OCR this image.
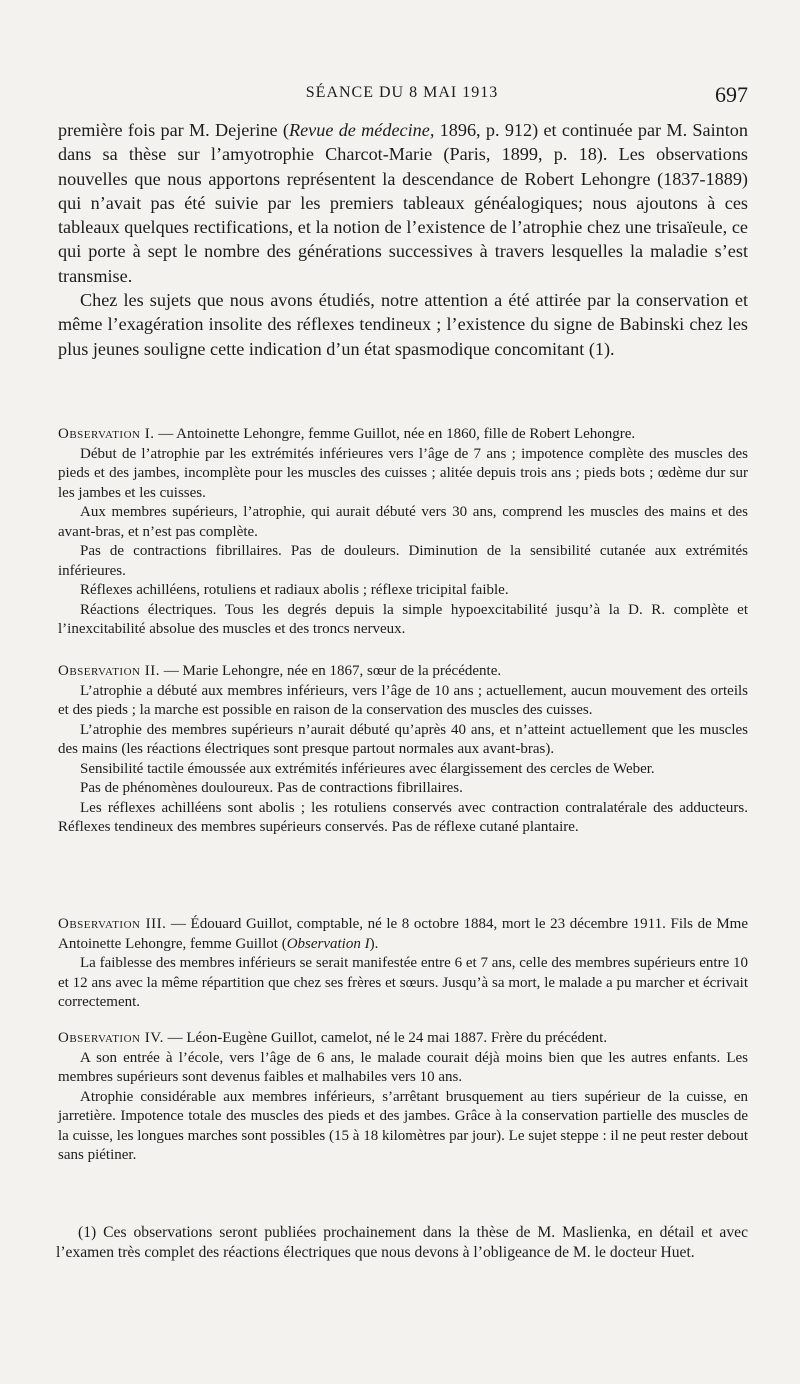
SÉANCE DU 8 MAI 1913	697

première fois par M. Dejerine (Revue de médecine, 1896, p. 912) et continuée par M. Sainton dans sa thèse sur l’amyotrophie Charcot-Marie (Paris, 1899, p. 18). Les observations nouvelles que nous apportons représentent la descendance de Robert Lehongre (1837-1889) qui n’avait pas été suivie par les premiers tableaux généalogiques; nous ajoutons à ces tableaux quelques rectifications, et la notion de l’existence de l’atrophie chez une trisaïeule, ce qui porte à sept le nombre des générations successives à travers lesquelles la maladie s’est transmise.

Chez les sujets que nous avons étudiés, notre attention a été attirée par la conservation et même l’exagération insolite des réflexes tendineux ; l’existence du signe de Babinski chez les plus jeunes souligne cette indication d’un état spasmodique concomitant (1).

Observation I. — Antoinette Lehongre, femme Guillot, née en 1860, fille de Robert Lehongre.

Début de l’atrophie par les extrémités inférieures vers l’âge de 7 ans ; impotence complète des muscles des pieds et des jambes, incomplète pour les muscles des cuisses ; alitée depuis trois ans ; pieds bots ; œdème dur sur les jambes et les cuisses.

Aux membres supérieurs, l’atrophie, qui aurait débuté vers 30 ans, comprend les muscles des mains et des avant-bras, et n’est pas complète.

Pas de contractions fibrillaires. Pas de douleurs. Diminution de la sensibilité cutanée aux extrémités inférieures.

Réflexes achilléens, rotuliens et radiaux abolis ; réflexe tricipital faible.

Réactions électriques. Tous les degrés depuis la simple hypoexcitabilité jusqu’à la D. R. complète et l’inexcitabilité absolue des muscles et des troncs nerveux.

Observation II. — Marie Lehongre, née en 1867, sœur de la précédente.

L’atrophie a débuté aux membres inférieurs, vers l’âge de 10 ans ; actuellement, aucun mouvement des orteils et des pieds ; la marche est possible en raison de la conservation des muscles des cuisses.

L’atrophie des membres supérieurs n’aurait débuté qu’après 40 ans, et n’atteint actuellement que les muscles des mains (les réactions électriques sont presque partout normales aux avant-bras).

Sensibilité tactile émoussée aux extrémités inférieures avec élargissement des cercles de Weber.

Pas de phénomènes douloureux. Pas de contractions fibrillaires.

Les réflexes achilléens sont abolis ; les rotuliens conservés avec contraction contralatérale des adducteurs. Réflexes tendineux des membres supérieurs conservés. Pas de réflexe cutané plantaire.

Observation III. — Édouard Guillot, comptable, né le 8 octobre 1884, mort le 23 décembre 1911. Fils de Mme Antoinette Lehongre, femme Guillot (Observation I).

La faiblesse des membres inférieurs se serait manifestée entre 6 et 7 ans, celle des membres supérieurs entre 10 et 12 ans avec la même répartition que chez ses frères et sœurs. Jusqu’à sa mort, le malade a pu marcher et écrivait correctement.

Observation IV. — Léon-Eugène Guillot, camelot, né le 24 mai 1887. Frère du précédent.

A son entrée à l’école, vers l’âge de 6 ans, le malade courait déjà moins bien que les autres enfants. Les membres supérieurs sont devenus faibles et malhabiles vers 10 ans.

Atrophie considérable aux membres inférieurs, s’arrêtant brusquement au tiers supérieur de la cuisse, en jarretière. Impotence totale des muscles des pieds et des jambes. Grâce à la conservation partielle des muscles de la cuisse, les longues marches sont possibles (15 à 18 kilomètres par jour). Le sujet steppe : il ne peut rester debout sans piétiner.

(1) Ces observations seront publiées prochainement dans la thèse de M. Maslienka, en détail et avec l’examen très complet des réactions électriques que nous devons à l’obligeance de M. le docteur Huet.
